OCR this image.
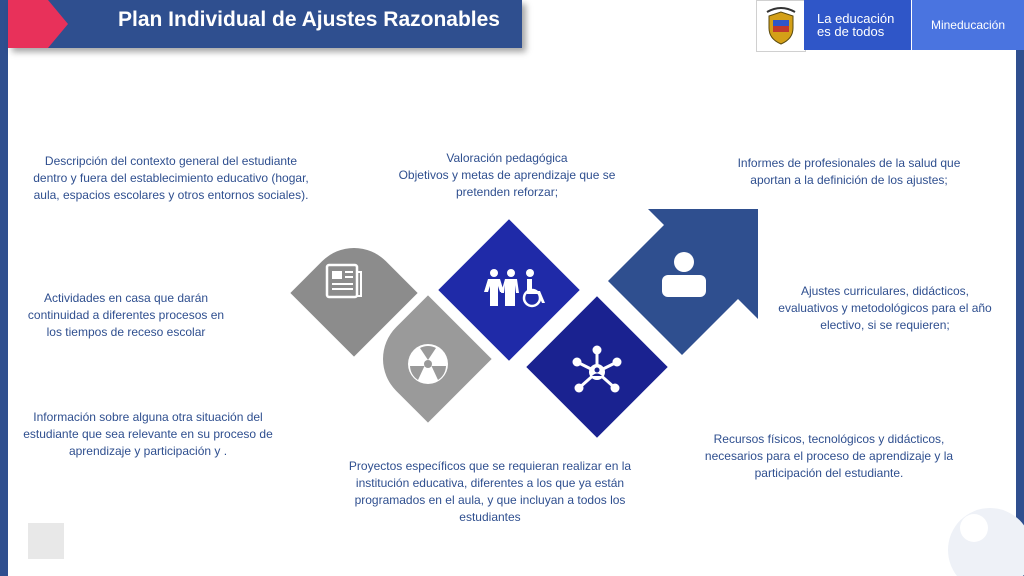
Plan Individual de Ajustes Razonables	La educación
es de todos	Mineducación
Descripción del contexto general del estudiante dentro y fuera del establecimiento educativo (hogar, aula, espacios escolares y otros entornos sociales).
Valoración pedagógica
Objetivos y metas de aprendizaje que se pretenden reforzar;
Informes de profesionales de la salud que aportan a la definición de los ajustes;
Actividades en casa que darán continuidad a diferentes procesos en los tiempos de receso escolar
Ajustes curriculares, didácticos, evaluativos y metodológicos para el año electivo, si se requieren;
Información sobre alguna otra situación del estudiante que sea relevante en su proceso de aprendizaje y participación y .
Proyectos específicos que se requieran realizar en la institución educativa, diferentes a los que ya están programados en el aula, y que incluyan a todos los estudiantes
Recursos físicos, tecnológicos y didácticos, necesarios para el proceso de aprendizaje y la participación del estudiante.
